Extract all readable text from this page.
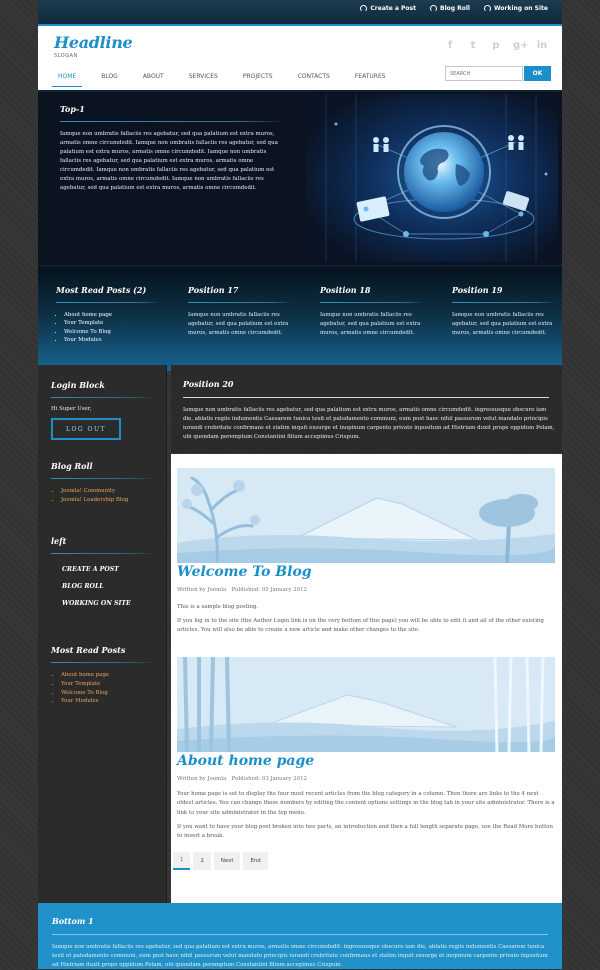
Create a Post	Blog Roll	Working on Site
Headline
SLOGAN
f	t	p g+ in
HOME	BLOG	ABOUT	SERVICES	PROJECTS	CONTACTS	FEATURES
SEARCH	OK
Top-1

Iamque non umbratis fallaciis res agebatur, sed qua palatium est extra muros, armatis omne circumdedit. Iamque non umbratis fallaciis res agebatur, sed qua palatium est extra muros, armatis omne circumdedit. Iamque non umbratis fallaciis res agebatur, sed qua palatium est extra muros, armatis omne circumdedit. Iamque non umbratis fallaciis res agebatur, sed qua palatium est extra muros, armatis omne circumdedit. Iamque non umbratis fallaciis res agebatur, sed qua palatium est extra muros, armatis omne circumdedit.

Most Read Posts (2)
• About home page
• Your Template
• Welcome To Blog
• Your Modules
Position 17

Iamque non umbratis fallaciis res agebatur, sed qua palatium est extra muros, armatis omne circumdedit.

Position 18

Iamque non umbratis fallaciis res agebatur, sed qua palatium est extra muros, armatis omne circumdedit.

Position 19

Iamque non umbratis fallaciis res agebatur, sed qua palatium est extra muros, armatis omne circumdedit.

Login Block
Hi Super User,
LOG OUT
Blog Roll
• Joomla! Community
• Joomla! Leadership Blog
left
CREATE A POST
BLOG ROLL
WORKING ON SITE
Most Read Posts
• About home page
• Your Template
• Welcome To Blog
• Your Modules
Position 20

Iamque non umbratis fallaciis res agebatur, sed qua palatium est extra muros, armatis omne circumdedit. ingressusque obscuro iam die, ablatis regiis indumentis Caesarem tunica texit et paludamento communi, eum post haec nihil passurum velut mandato principis iurandi crebritate confirmans et statim inquit exsurge et inopinum carpento privato inpositum ad Histriam duxit prope oppidum Polam, ubi quondam peremptum Constantini filium accepimus Crispum.

Welcome To Blog
Written by Joomla Published: 05 January 2012

This is a sample blog posting.

If you log in to the site (the Author Login link is on the very bottom of this page) you will be able to edit it and all of the other existing articles. You will also be able to create a new article and make other changes to the site.

About home page
Written by Joomla Published: 03 January 2012

Your home page is set to display the four most recent articles from the blog category in a column. Then there are links to the 4 next oldest articles. You can change those numbers by editing the content options settings in the blog tab in your site administrator. There is a link to your site administrator in the top menu.

If you want to have your blog post broken into two parts, an introduction and then a full length separate page, use the Read More button to insert a break.

1	2	Next	End
Bottom 1

Iamque non umbratis fallaciis res agebatur, sed qua palatium est extra muros, armatis omne circumdedit. ingressusque obscuro iam die, ablatis regiis indumentis Caesarem tunica texit et paludamento communi, eum post haec nihil passurum velut mandato principis iurandi crebritate confirmans et statim inquit exsurge et inopinum carpento privato inpositum ad Histriam duxit prope oppidum Polam, ubi quondam peremptum Constantini filium accepimus Crispum.
